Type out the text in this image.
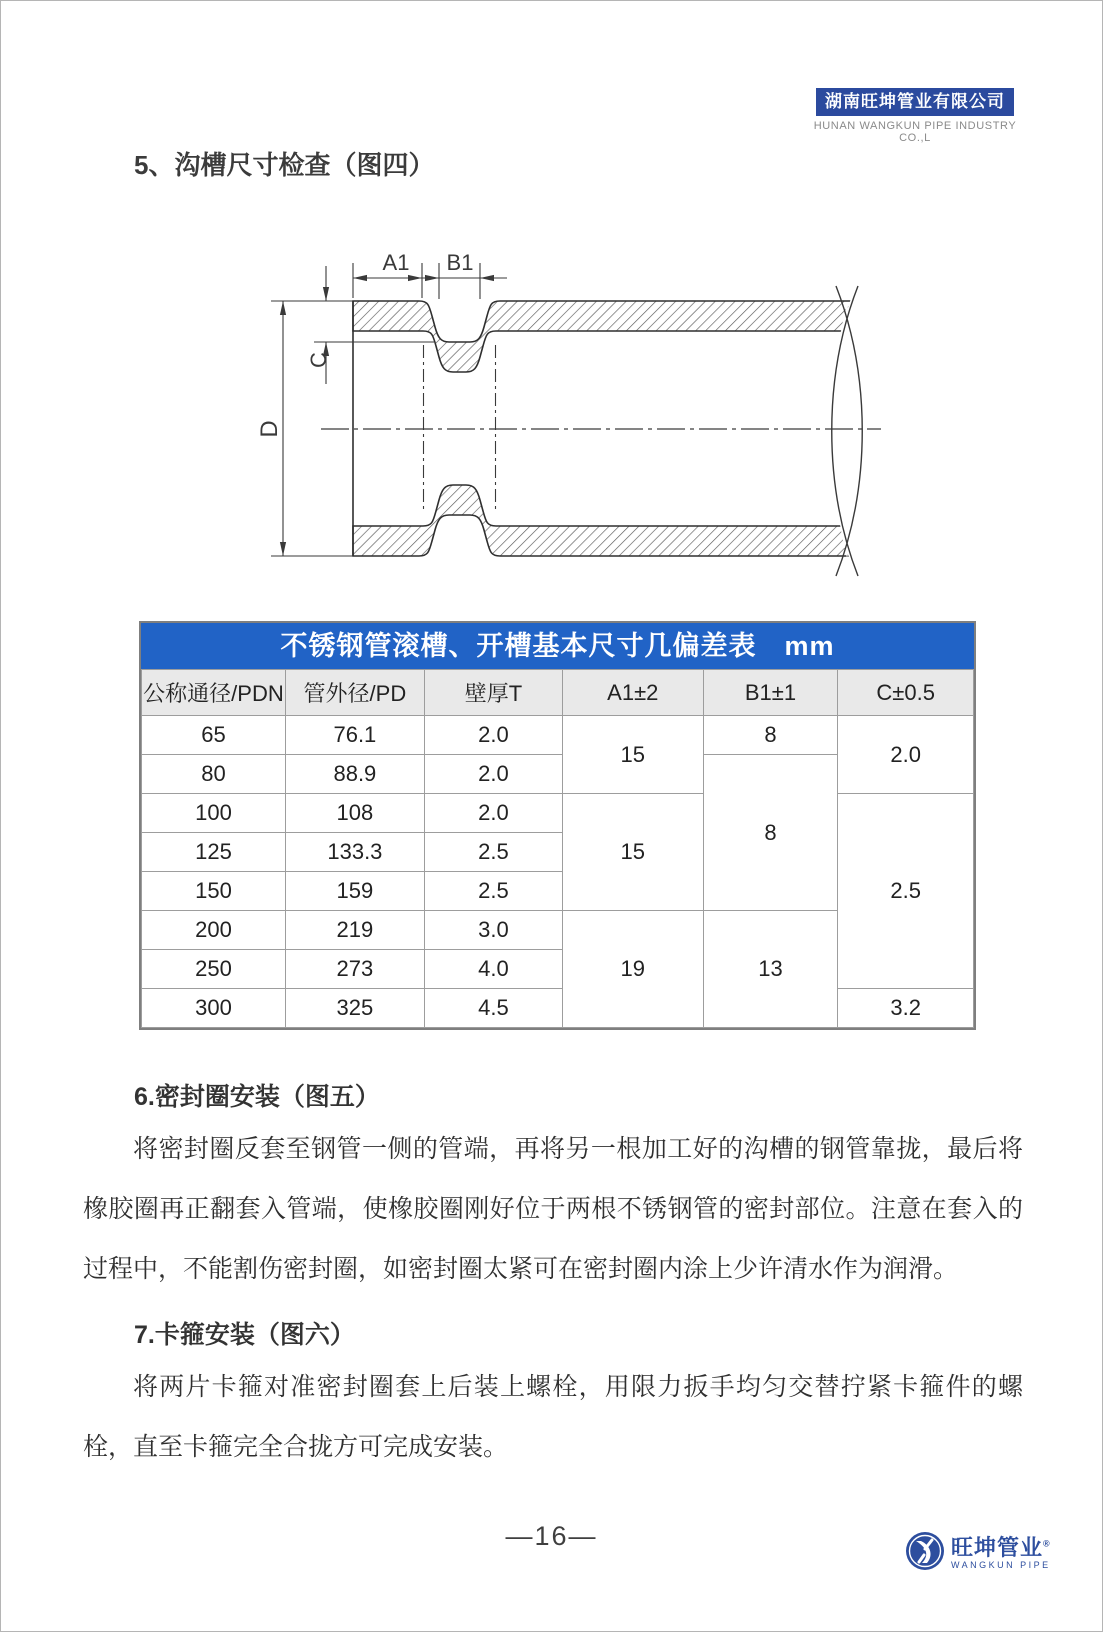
湖南旺坤管业有限公司
HUNAN WANGKUN PIPE INDUSTRY CO.,L
5、沟槽尺寸检查（图四）
A1 B1
C
D
不锈钢管滚槽、开槽基本尺寸几偏差表　mm
公称通径/PDN	管外径/PD	壁厚T	A1±2	B1±1	C±0.5
65	76.1	2.0	15	8	2.0
80	88.9	2.0		8	
100	108	2.0	15		2.5
125	133.3	2.5			
150	159	2.5			
200	219	3.0	19	13	
250	273	4.0			
300	325	4.5			3.2
6.密封圈安装（图五）

将密封圈反套至钢管一侧的管端，再将另一根加工好的沟槽的钢管靠拢，最后将橡胶圈再正翻套入管端，使橡胶圈刚好位于两根不锈钢管的密封部位。注意在套入的过程中，不能割伤密封圈，如密封圈太紧可在密封圈内涂上少许清水作为润滑。

7.卡箍安装（图六）

将两片卡箍对准密封圈套上后装上螺栓，用限力扳手均匀交替拧紧卡箍件的螺栓，直至卡箍完全合拢方可完成安装。

—16—	旺坤管业®
WANGKUN PIPE
